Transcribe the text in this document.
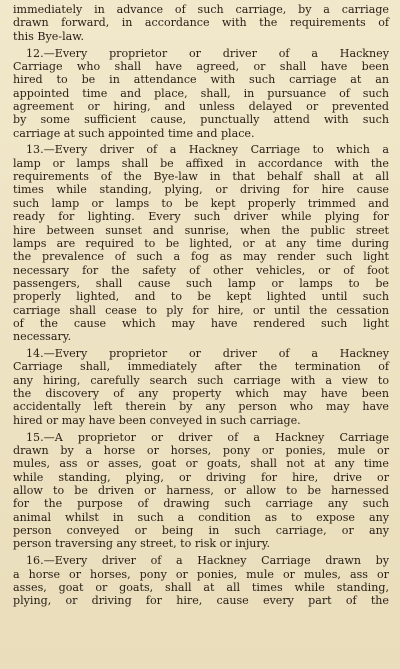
immediately in advance of such carriage, by a carriage
drawn forward, in accordance with the requirements of
this Bye-law.

12.—Every proprietor or driver of a Hackney
Carriage who shall have agreed, or shall have been
hired to be in attendance with such carriage at an
appointed time and place, shall, in pursuance of such
agreement or hiring, and unless delayed or prevented
by some sufficient cause, punctually attend with such
carriage at such appointed time and place.

13.—Every driver of a Hackney Carriage to which a
lamp or lamps shall be affixed in accordance with the
requirements of the Bye-law in that behalf shall at all
times while standing, plying, or driving for hire cause
such lamp or lamps to be kept properly trimmed and
ready for lighting. Every such driver while plying for
hire between sunset and sunrise, when the public street
lamps are required to be lighted, or at any time during
the prevalence of such a fog as may render such light
necessary for the safety of other vehicles, or of foot
passengers, shall cause such lamp or lamps to be
properly lighted, and to be kept lighted until such
carriage shall cease to ply for hire, or until the cessation
of the cause which may have rendered such light
necessary.

14.—Every proprietor or driver of a Hackney
Carriage shall, immediately after the termination of
any hiring, carefully search such carriage with a view to
the discovery of any property which may have been
accidentally left therein by any person who may have
hired or may have been conveyed in such carriage.

15.—A proprietor or driver of a Hackney Carriage
drawn by a horse or horses, pony or ponies, mule or
mules, ass or asses, goat or goats, shall not at any time
while standing, plying, or driving for hire, drive or
allow to be driven or harness, or allow to be harnessed
for the purpose of drawing such carriage any such
animal whilst in such a condition as to expose any
person conveyed or being in such carriage, or any
person traversing any street, to risk or injury.

16.—Every driver of a Hackney Carriage drawn by
a horse or horses, pony or ponies, mule or mules, ass or
asses, goat or goats, shall at all times while standing,
plying, or driving for hire, cause every part of the
